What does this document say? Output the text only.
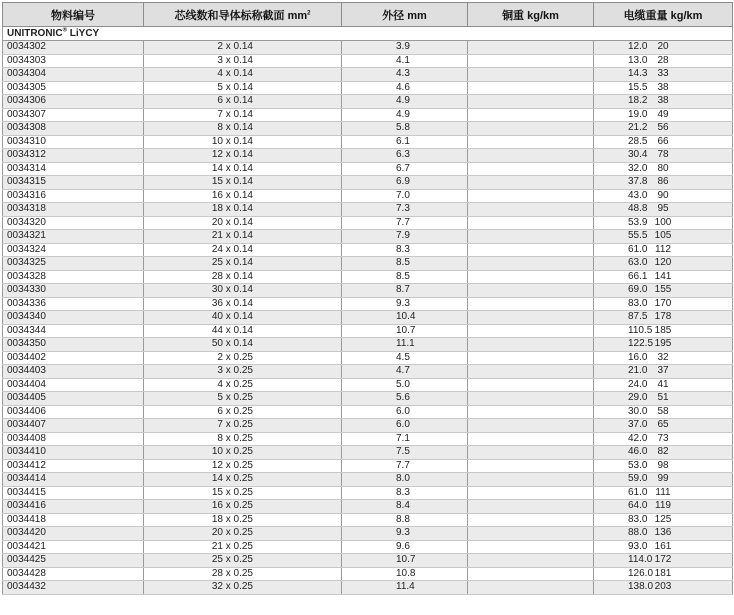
物料编号	芯线数和导体标称截面 $mm^2$	外径 mm	铜重 kg/km	电缆重量 kg/km
UNITRONIC® LiYCY				
0034302	2 x 0.14	3.9	12.0	20
0034303	3 x 0.14	4.1	13.0	28
0034304	4 x 0.14	4.3	14.3	33
0034305	5 x 0.14	4.6	15.5	38
0034306	6 x 0.14	4.9	18.2	38
0034307	7 x 0.14	4.9	19.0	49
0034308	8 x 0.14	5.8	21.2	56
0034310	10 x 0.14	6.1	28.5	66
0034312	12 x 0.14	6.3	30.4	78
0034314	14 x 0.14	6.7	32.0	80
0034315	15 x 0.14	6.9	37.8	86
0034316	16 x 0.14	7.0	43.0	90
0034318	18 x 0.14	7.3	48.8	95
0034320	20 x 0.14	7.7	53.9	100
0034321	21 x 0.14	7.9	55.5	105
0034324	24 x 0.14	8.3	61.0	112
0034325	25 x 0.14	8.5	63.0	120
0034328	28 x 0.14	8.5	66.1	141
0034330	30 x 0.14	8.7	69.0	155
0034336	36 x 0.14	9.3	83.0	170
0034340	40 x 0.14	10.4	87.5	178
0034344	44 x 0.14	10.7	110.5	185
0034350	50 x 0.14	11.1	122.5	195
0034402	2 x 0.25	4.5	16.0	32
0034403	3 x 0.25	4.7	21.0	37
0034404	4 x 0.25	5.0	24.0	41
0034405	5 x 0.25	5.6	29.0	51
0034406	6 x 0.25	6.0	30.0	58
0034407	7 x 0.25	6.0	37.0	65
0034408	8 x 0.25	7.1	42.0	73
0034410	10 x 0.25	7.5	46.0	82
0034412	12 x 0.25	7.7	53.0	98
0034414	14 x 0.25	8.0	59.0	99
0034415	15 x 0.25	8.3	61.0	111
0034416	16 x 0.25	8.4	64.0	119
0034418	18 x 0.25	8.8	83.0	125
0034420	20 x 0.25	9.3	88.0	136
0034421	21 x 0.25	9.6	93.0	161
0034425	25 x 0.25	10.7	114.0	172
0034428	28 x 0.25	10.8	126.0	181
0034432	32 x 0.25	11.4	138.0	203
